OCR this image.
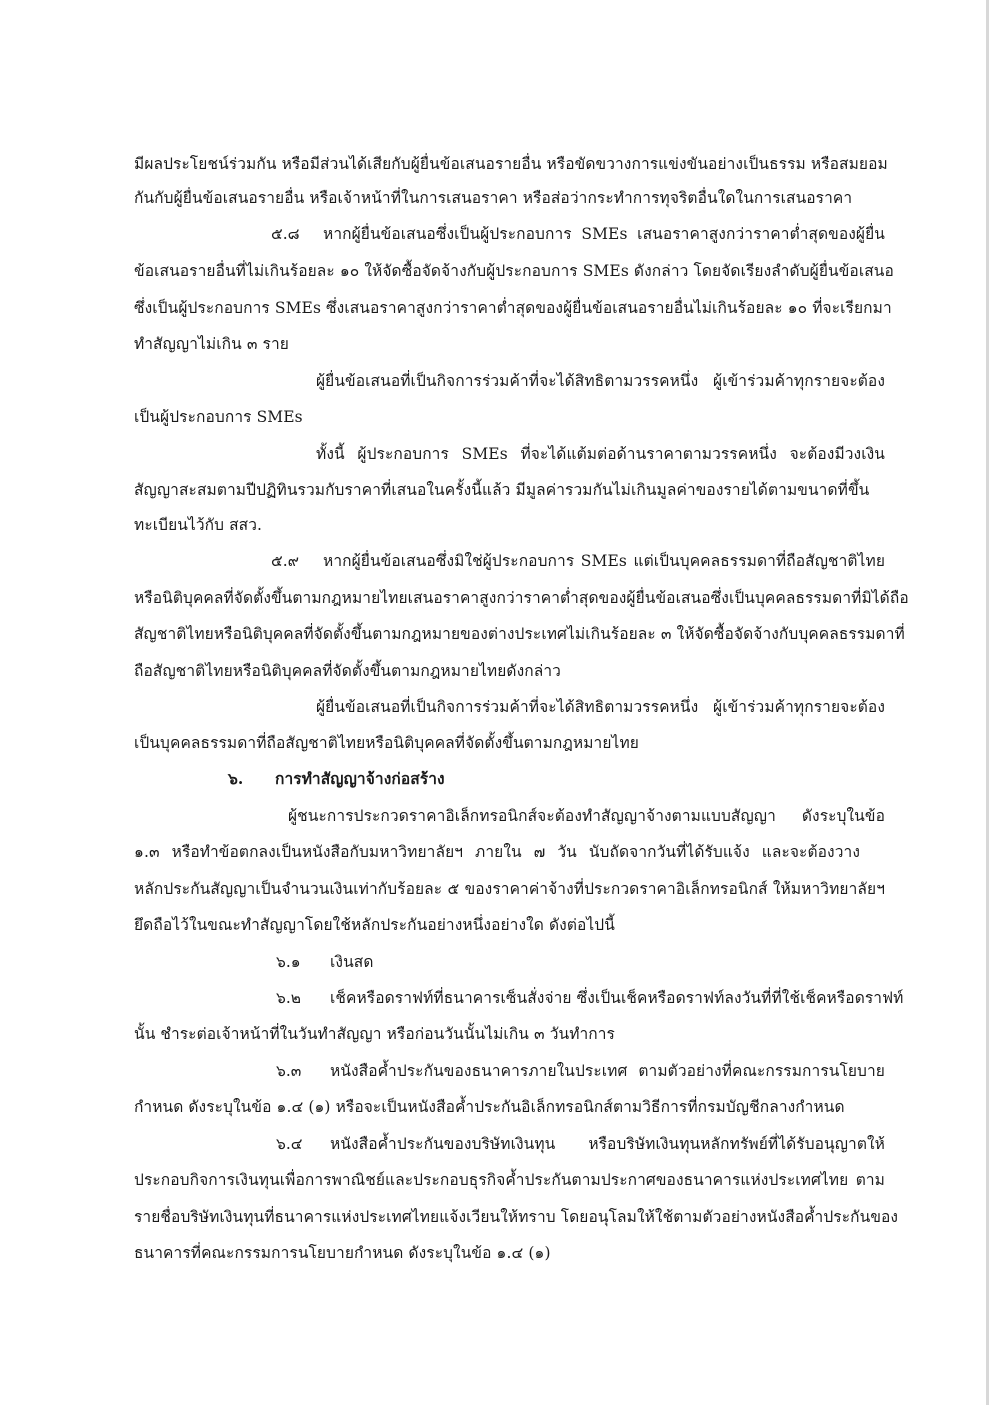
มีผลประโยชน์ร่วมกัน หรือมีส่วนได้เสียกับผู้ยื่นข้อเสนอรายอื่น หรือขัดขวางการแข่งขันอย่างเป็นธรรม หรือสมยอม
กันกับผู้ยื่นข้อเสนอรายอื่น หรือเจ้าหน้าที่ในการเสนอราคา หรือส่อว่ากระทำการทุจริตอื่นใดในการเสนอราคา
๕.๘ หากผู้ยื่นข้อเสนอซึ่งเป็นผู้ประกอบการ SMEs เสนอราคาสูงกว่าราคาต่ำสุดของผู้ยื่น
ข้อเสนอรายอื่นที่ไม่เกินร้อยละ ๑๐ ให้จัดซื้อจัดจ้างกับผู้ประกอบการ SMEs ดังกล่าว โดยจัดเรียงลำดับผู้ยื่นข้อเสนอ
ซึ่งเป็นผู้ประกอบการ SMEs ซึ่งเสนอราคาสูงกว่าราคาต่ำสุดของผู้ยื่นข้อเสนอรายอื่นไม่เกินร้อยละ ๑๐ ที่จะเรียกมา
ทำสัญญาไม่เกิน ๓ ราย
ผู้ยื่นข้อเสนอที่เป็นกิจการร่วมค้าที่จะได้สิทธิตามวรรคหนึ่ง ผู้เข้าร่วมค้าทุกรายจะต้อง
เป็นผู้ประกอบการ SMEs
ทั้งนี้ ผู้ประกอบการ SMEs ที่จะได้แต้มต่อด้านราคาตามวรรคหนึ่ง จะต้องมีวงเงิน
สัญญาสะสมตามปีปฏิทินรวมกับราคาที่เสนอในครั้งนี้แล้ว มีมูลค่ารวมกันไม่เกินมูลค่าของรายได้ตามขนาดที่ขึ้น
ทะเบียนไว้กับ สสว.
๕.๙ หากผู้ยื่นข้อเสนอซึ่งมิใช่ผู้ประกอบการ SMEs แต่เป็นบุคคลธรรมดาที่ถือสัญชาติไทย
หรือนิติบุคคลที่จัดตั้งขึ้นตามกฎหมายไทยเสนอราคาสูงกว่าราคาต่ำสุดของผู้ยื่นข้อเสนอซึ่งเป็นบุคคลธรรมดาที่มิได้ถือ
สัญชาติไทยหรือนิติบุคคลที่จัดตั้งขึ้นตามกฎหมายของต่างประเทศไม่เกินร้อยละ ๓ ให้จัดซื้อจัดจ้างกับบุคคลธรรมดาที่
ถือสัญชาติไทยหรือนิติบุคคลที่จัดตั้งขึ้นตามกฎหมายไทยดังกล่าว
ผู้ยื่นข้อเสนอที่เป็นกิจการร่วมค้าที่จะได้สิทธิตามวรรคหนึ่ง ผู้เข้าร่วมค้าทุกรายจะต้อง
เป็นบุคคลธรรมดาที่ถือสัญชาติไทยหรือนิติบุคคลที่จัดตั้งขึ้นตามกฎหมายไทย
๖. การทำสัญญาจ้างก่อสร้าง
ผู้ชนะการประกวดราคาอิเล็กทรอนิกส์จะต้องทำสัญญาจ้างตามแบบสัญญา ดังระบุในข้อ
๑.๓ หรือทำข้อตกลงเป็นหนังสือกับมหาวิทยาลัยฯ ภายใน ๗ วัน นับถัดจากวันที่ได้รับแจ้ง และจะต้องวาง
หลักประกันสัญญาเป็นจำนวนเงินเท่ากับร้อยละ ๕ ของราคาค่าจ้างที่ประกวดราคาอิเล็กทรอนิกส์ ให้มหาวิทยาลัยฯ
ยึดถือไว้ในขณะทำสัญญาโดยใช้หลักประกันอย่างหนึ่งอย่างใด ดังต่อไปนี้
๖.๑ เงินสด
๖.๒ เช็คหรือดราฟท์ที่ธนาคารเซ็นสั่งจ่าย ซึ่งเป็นเช็คหรือดราฟท์ลงวันที่ที่ใช้เช็คหรือดราฟท์
นั้น ชำระต่อเจ้าหน้าที่ในวันทำสัญญา หรือก่อนวันนั้นไม่เกิน ๓ วันทำการ
๖.๓ หนังสือค้ำประกันของธนาคารภายในประเทศ ตามตัวอย่างที่คณะกรรมการนโยบาย
กำหนด ดังระบุในข้อ ๑.๔ (๑) หรือจะเป็นหนังสือค้ำประกันอิเล็กทรอนิกส์ตามวิธีการที่กรมบัญชีกลางกำหนด
๖.๔ หนังสือค้ำประกันของบริษัทเงินทุน หรือบริษัทเงินทุนหลักทรัพย์ที่ได้รับอนุญาตให้
ประกอบกิจการเงินทุนเพื่อการพาณิชย์และประกอบธุรกิจค้ำประกันตามประกาศของธนาคารแห่งประเทศไทย ตาม
รายชื่อบริษัทเงินทุนที่ธนาคารแห่งประเทศไทยแจ้งเวียนให้ทราบ โดยอนุโลมให้ใช้ตามตัวอย่างหนังสือค้ำประกันของ
ธนาคารที่คณะกรรมการนโยบายกำหนด ดังระบุในข้อ ๑.๔ (๑)
